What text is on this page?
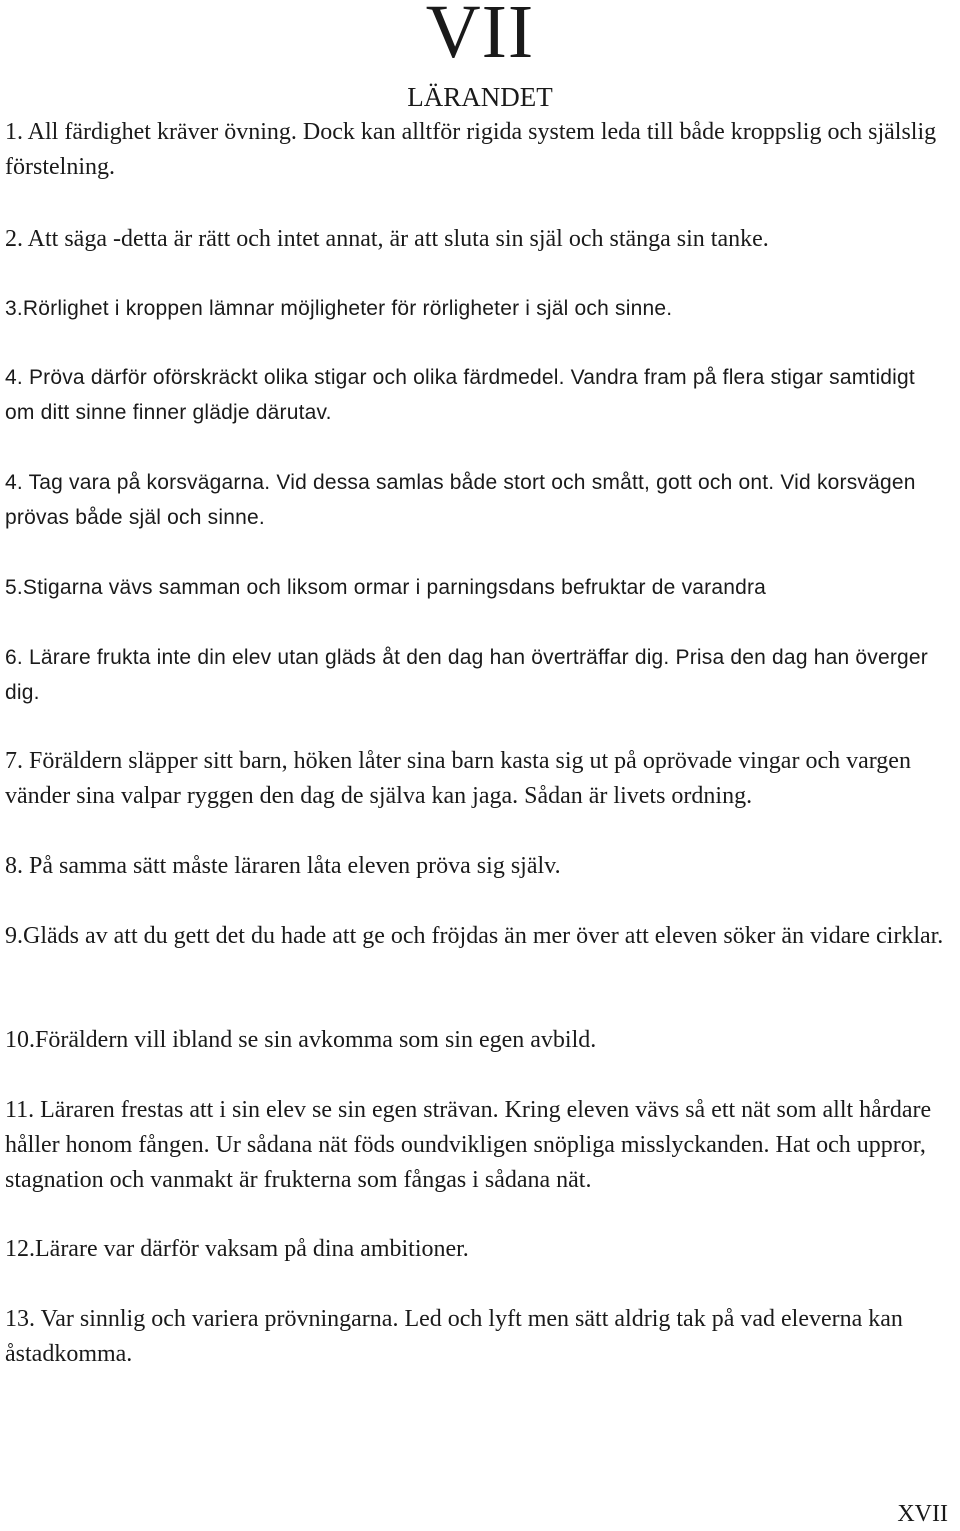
VII
LÄRANDET

1. All färdighet kräver övning. Dock kan alltför rigida system leda till både kroppslig och själslig förstelning.

2. Att säga -detta är rätt och intet annat, är att sluta sin själ och stänga sin tanke.

3.Rörlighet i kroppen lämnar möjligheter för rörligheter i själ och sinne.

4. Pröva därför oförskräckt olika stigar och olika färdmedel. Vandra fram på flera stigar samtidigt om ditt sinne finner glädje därutav.

4. Tag vara på korsvägarna. Vid dessa samlas både stort och smått, gott och ont. Vid korsvägen prövas både själ och sinne.

5.Stigarna vävs samman och liksom ormar i parningsdans befruktar de varandra

6. Lärare frukta inte din elev utan gläds åt den dag han överträffar dig. Prisa den dag han överger dig.

7. Föräldern släpper sitt barn, höken låter sina barn kasta sig ut på oprövade vingar och vargen vänder sina valpar ryggen den dag de själva kan jaga. Sådan är livets ordning.

8. På samma sätt måste läraren låta eleven pröva sig själv.

9.Gläds av att du gett det du hade att ge och fröjdas än mer över att eleven söker än vidare cirklar.

10.Föräldern vill ibland se sin avkomma som sin egen avbild.

11. Läraren frestas att i sin elev se sin egen strävan. Kring eleven vävs så ett nät som allt hårdare håller honom fången. Ur sådana nät föds oundvikligen snöpliga misslyckanden. Hat och uppror, stagnation och vanmakt är frukterna som fångas i sådana nät.

12.Lärare var därför vaksam på dina ambitioner.

13. Var sinnlig och variera prövningarna. Led och lyft men sätt aldrig tak på vad eleverna kan åstadkomma.

XVII
